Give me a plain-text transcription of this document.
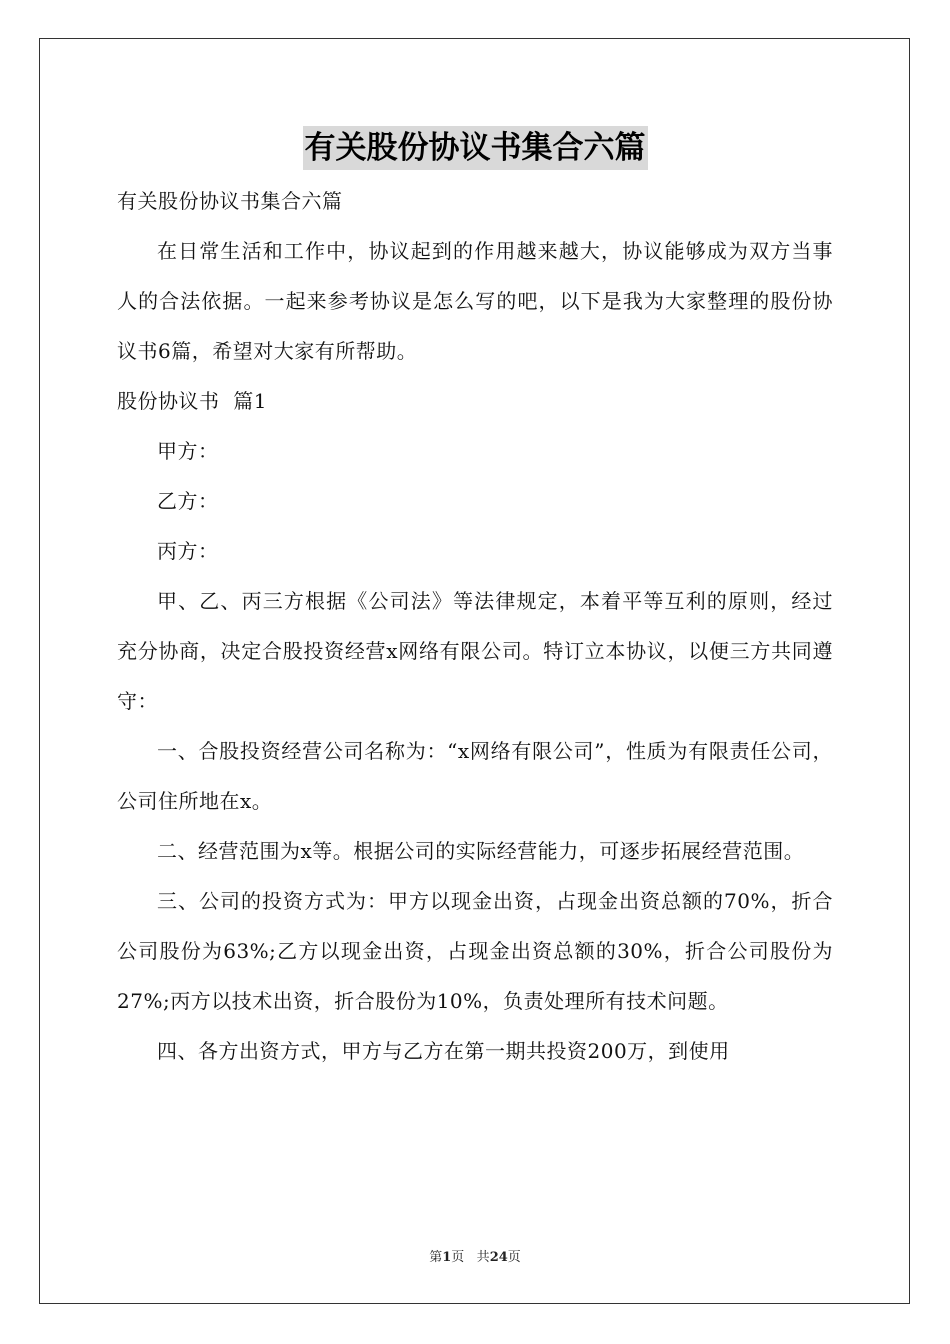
有关股份协议书集合六篇

有关股份协议书集合六篇

在日常生活和工作中，协议起到的作用越来越大，协议能够成为双方当事人的合法依据。一起来参考协议是怎么写的吧，以下是我为大家整理的股份协议书6篇，希望对大家有所帮助。

股份协议书  篇1

甲方：

乙方：

丙方：

甲、乙、丙三方根据《公司法》等法律规定，本着平等互利的原则，经过充分协商，决定合股投资经营x网络有限公司。特订立本协议，以便三方共同遵守：

一、合股投资经营公司名称为：“x网络有限公司”，性质为有限责任公司，公司住所地在x。

二、经营范围为x等。根据公司的实际经营能力，可逐步拓展经营范围。

三、公司的投资方式为：甲方以现金出资，占现金出资总额的70%，折合公司股份为63%;乙方以现金出资，占现金出资总额的30%，折合公司股份为27%;丙方以技术出资，折合股份为10%，负责处理所有技术问题。

四、各方出资方式，甲方与乙方在第一期共投资200万，到使用

第1页 共24页
